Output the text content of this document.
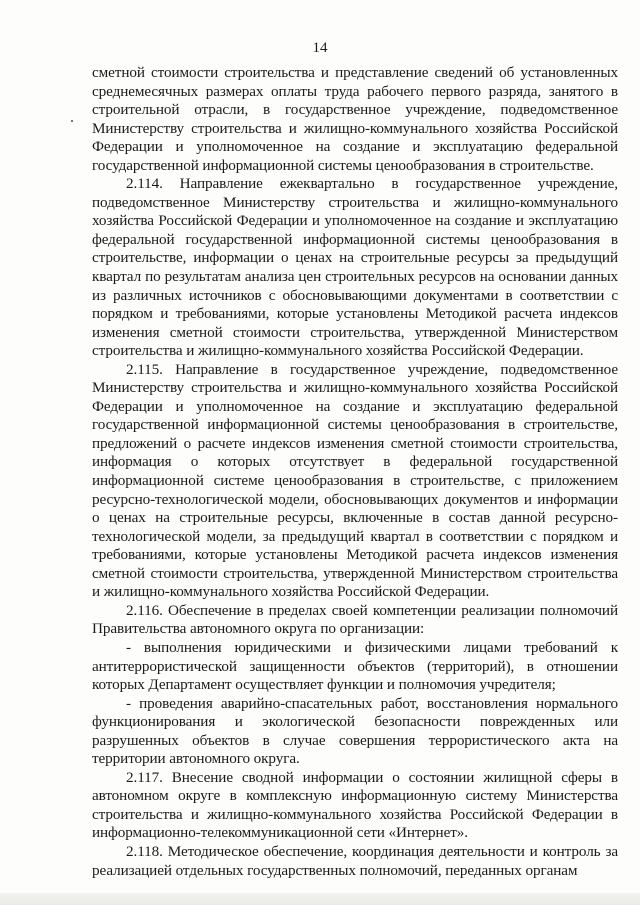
14

сметной стоимости строительства и представление сведений об установленных среднемесячных размерах оплаты труда рабочего первого разряда, занятого в строительной отрасли, в государственное учреждение, подведомственное Министерству строительства и жилищно-коммунального хозяйства Российской Федерации и уполномоченное на создание и эксплуатацию федеральной государственной информационной системы ценообразования в строительстве.

2.114. Направление ежеквартально в государственное учреждение, подведомственное Министерству строительства и жилищно-коммунального хозяйства Российской Федерации и уполномоченное на создание и эксплуатацию федеральной государственной информационной системы ценообразования в строительстве, информации о ценах на строительные ресурсы за предыдущий квартал по результатам анализа цен строительных ресурсов на основании данных из различных источников с обосновывающими документами в соответствии с порядком и требованиями, которые установлены Методикой расчета индексов изменения сметной стоимости строительства, утвержденной Министерством строительства и жилищно-коммунального хозяйства Российской Федерации.

2.115. Направление в государственное учреждение, подведомственное Министерству строительства и жилищно-коммунального хозяйства Российской Федерации и уполномоченное на создание и эксплуатацию федеральной государственной информационной системы ценообразования в строительстве, предложений о расчете индексов изменения сметной стоимости строительства, информация о которых отсутствует в федеральной государственной информационной системе ценообразования в строительстве, с приложением ресурсно-технологической модели, обосновывающих документов и информации о ценах на строительные ресурсы, включенные в состав данной ресурсно-технологической модели, за предыдущий квартал в соответствии с порядком и требованиями, которые установлены Методикой расчета индексов изменения сметной стоимости строительства, утвержденной Министерством строительства и жилищно-коммунального хозяйства Российской Федерации.

2.116. Обеспечение в пределах своей компетенции реализации полномочий Правительства автономного округа по организации:

- выполнения юридическими и физическими лицами требований к антитеррористической защищенности объектов (территорий), в отношении которых Департамент осуществляет функции и полномочия учредителя;

- проведения аварийно-спасательных работ, восстановления нормального функционирования и экологической безопасности поврежденных или разрушенных объектов в случае совершения террористического акта на территории автономного округа.

2.117. Внесение сводной информации о состоянии жилищной сферы в автономном округе в комплексную информационную систему Министерства строительства и жилищно-коммунального хозяйства Российской Федерации в информационно-телекоммуникационной сети «Интернет».

2.118. Методическое обеспечение, координация деятельности и контроль за реализацией отдельных государственных полномочий, переданных органам
